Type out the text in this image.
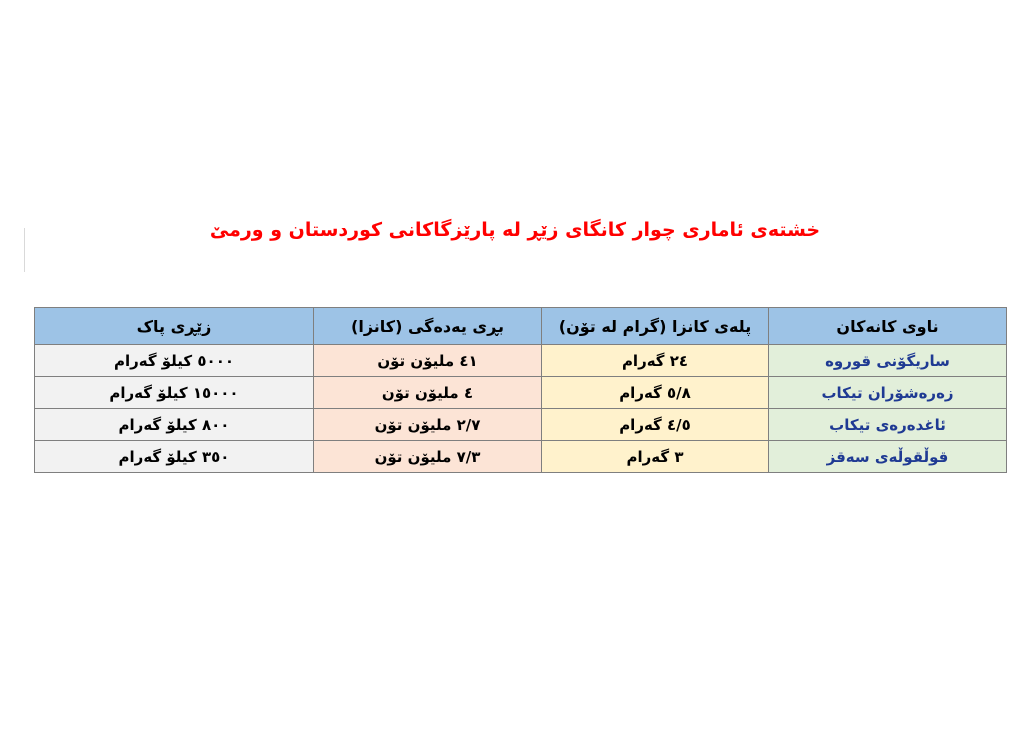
خشتەی ئاماری چوار کانگای زێڕ لە پارێزگاکانی کوردستان و ورمێ
ناوی کانەکان	پلەی کانزا (گرام لە تۆن)	بڕی یەدەگی (کانزا)	زێڕی پاک
ساریگۆنی قوروە	٢٤ گەرام	٤١ ملیۆن تۆن	٥٠٠٠ کیلۆ گەرام
زەرەشۆران تیکاب	٥/٨ گەرام	٤ ملیۆن تۆن	١٥٠٠٠ کیلۆ گەرام
ئاغدەرەی تیکاب	٤/٥ گەرام	٢/٧ ملیۆن تۆن	٨٠٠ کیلۆ گەرام
قوڵقوڵەی سەقز	٣ گەرام	٧/٣ ملیۆن تۆن	٣٥٠ کیلۆ گەرام
